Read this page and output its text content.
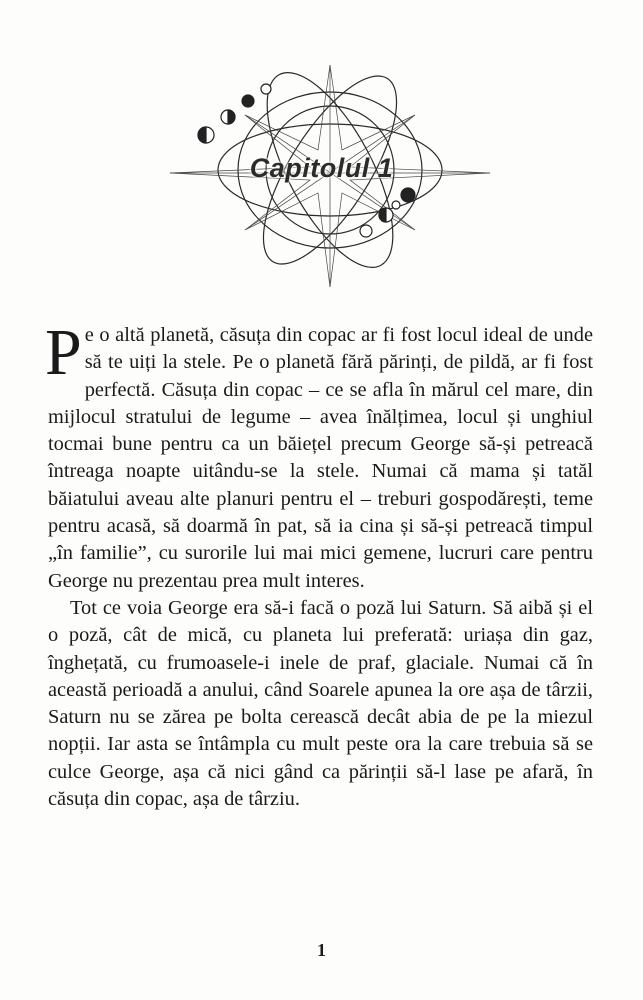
Capitolul 1

Pe o altă planetă, căsuța din copac ar fi fost locul ideal de unde să te uiți la stele. Pe o planetă fără părinți, de pildă, ar fi fost perfectă. Căsuța din copac – ce se afla în mărul cel mare, din mijlocul stratului de legume – avea înălțimea, locul și unghiul tocmai bune pentru ca un băiețel precum George să-și petreacă întreaga noapte uitându-se la stele. Numai că mama și tatăl băiatului aveau alte planuri pentru el – treburi gospodărești, teme pentru acasă, să doarmă în pat, să ia cina și să-și petreacă timpul „în familie”, cu surorile lui mai mici gemene, lucruri care pentru George nu prezentau prea mult interes.

Tot ce voia George era să-i facă o poză lui Saturn. Să aibă și el o poză, cât de mică, cu planeta lui preferată: uriașa din gaz, înghețată, cu frumoasele-i inele de praf, glaciale. Numai că în această perioadă a anului, când Soarele apunea la ore așa de târzii, Saturn nu se zărea pe bolta cerească decât abia de pe la miezul nopții. Iar asta se întâmpla cu mult peste ora la care trebuia să se culce George, așa că nici gând ca părinții să-l lase pe afară, în căsuța din copac, așa de târziu.

1
